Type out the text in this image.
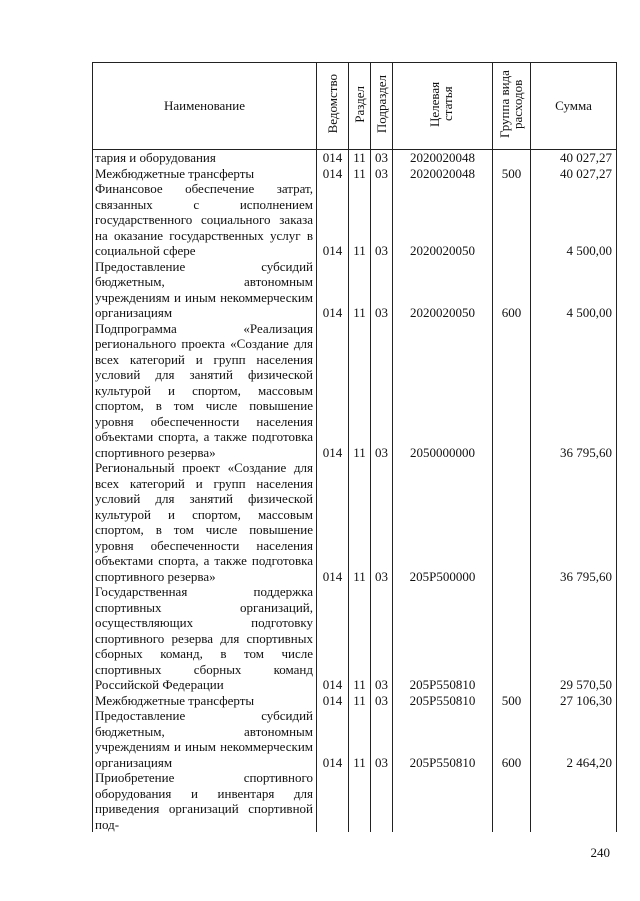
Наименование	Ведомство	Раздел	Подраздел	Целевая статья	Группа вида расходов	Сумма
тария и оборудования	014	11	03	2020020048		40 027,27
Межбюджетные трансферты	014	11	03	2020020048	500	40 027,27
Финансовое обеспечение затрат, связанных с исполнением государственного социального заказа на оказание государственных услуг в социальной сфере	014	11	03	2020020050		4 500,00
Предоставление субсидий бюджетным, автономным учреждениям и иным некоммерческим организациям	014	11	03	2020020050	600	4 500,00
Подпрограмма «Реализация регионального проекта «Создание для всех категорий и групп населения условий для занятий физической культурой и спортом, массовым спортом, в том числе повышение уровня обеспеченности населения объектами спорта, а также подготовка спортивного резерва»	014	11	03	2050000000		36 795,60
Региональный проект «Создание для всех категорий и групп населения условий для занятий физической культурой и спортом, массовым спортом, в том числе повышение уровня обеспеченности населения объектами спорта, а также подготовка спортивного резерва»	014	11	03	205P500000		36 795,60
Государственная поддержка спортивных организаций, осуществляющих подготовку спортивного резерва для спортивных сборных команд, в том числе спортивных сборных команд Российской Федерации	014	11	03	205P550810		29 570,50
Межбюджетные трансферты	014	11	03	205P550810	500	27 106,30
Предоставление субсидий бюджетным, автономным учреждениям и иным некоммерческим организациям	014	11	03	205P550810	600	2 464,20
Приобретение спортивного оборудования и инвентаря для приведения организаций спортивной под-						
240
